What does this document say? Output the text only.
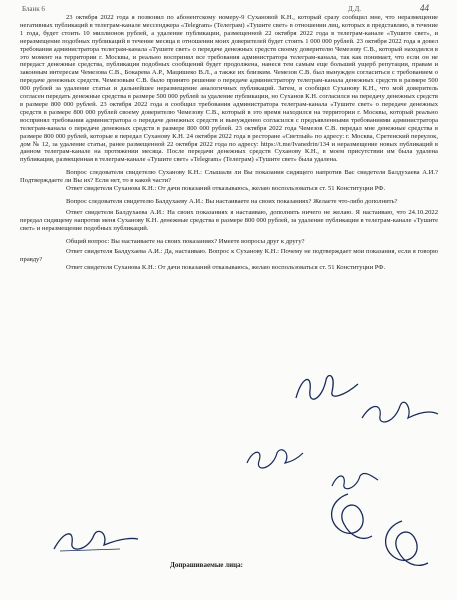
Бланк 6	Д.Д.	44

23 октября 2022 года я позвонил по абонентскому номеру-9 Сухановой К.Н., который сразу сообщил мне, что неразмещение негативных публикаций в телеграм-канале мессенджера «Telegram» (Телеграм) «Тушите свет» в отношении лиц, которых я представляю, в течение 1 года, будет стоить 10 миллионов рублей, а удаление публикации, размещенной 22 октября 2022 года в телеграм-канале «Тушите свет», и неразмещение подобных публикаций в течение месяца в отношении моих доверителей будет стоить 1 000 000 рублей. 23 октября 2022 года я довел требования администратора телеграм-канала «Тушите свет» о передаче денежных средств своему доверителю Чемезову С.В., который находился в это момент на территории г. Москвы, и реально воспринял все требования администратора телеграм-канала, так как понимает, что если он не передаст денежные средства, публикация подобных сообщений будет продолжена, нанеся тем самым еще больший ущерб репутации, правам и законным интересам Чемезова С.В., Бокарева А.Р., Мацишеко В.Л., а также их близким. Чемезов С.В. был вынужден согласиться с требованием о передаче денежных средств. Чемезовым С.В. было принято решение о передаче администратору телеграм-канала денежных средств в размере 500 000 рублей за удаление статьи и дальнейшее неразмещение аналогичных публикаций. Затем, я сообщил Суханову К.Н., что мой доверитель согласен передать денежные средства в размере 500 000 рублей за удаление публикации, но Суханов К.Н. согласился на передачу денежных средств в размере 800 000 рублей. 23 октября 2022 года я сообщил требования администратора телеграм-канала «Тушите свет» о передаче денежных средств в размере 800 000 рублей своему доверителю Чемезову С.В., который в это время находился на территории г. Москвы, который реально воспринял требования администратора о передаче денежных средств и вынужденно согласился с предъявленными требованиями администратора телеграм-канала о передаче денежных средств в размере 800 000 рублей. 23 октября 2022 года Чемезов С.В. передал мне денежные средства в размере 800 000 рублей, которые я передал Суханову К.Н. 24 октября 2022 года в ресторане «Светлый» по адресу: г. Москва, Сретенский переулок, дом № 12, за удаление статьи, ранее размещенной 22 октября 2022 года по адресу: https://t.me/Ivanedrin/134 и неразмещение новых публикаций в данном телеграм-канале на протяжении месяца. После передачи денежных средств Суханову К.Н., в моем присутствии им была удалена публикация, размещенная в телеграм-канале «Тушите свет» «Telegram» (Телеграм) «Тушите свет» была удалена.

Вопрос следователя свидетелю Суханову К.Н.: Слышали ли Вы показания сидящего напротив Вас свидетеля Балдухаева А.И.? Подтверждаете ли Вы их? Если нет, то в какой части?

Ответ свидетеля Суханова К.Н.: От дачи показаний отказываюсь, желаю воспользоваться ст. 51 Конституции РФ.

Вопрос следователя свидетелю Балдухаеву А.И.: Вы настаиваете на своих показаниях? Желаете что-либо дополнить?

Ответ свидетеля Балдухаева А.И.: На своих показаниях я настаиваю, дополнить ничего не желаю. Я настаиваю, что 24.10.2022 передал сидящему напротив меня Суханову К.Н. денежные средства в размере 800 000 рублей, за удаление публикации в телеграм-канале «Тушите свет» и неразмещение подобных публикаций.

Общий вопрос: Вы настаиваете на своих показаниях? Имеете вопросы друг к другу?

Ответ свидетеля Балдухаева А.И.: Да, настаиваю. Вопрос к Суханову К.Н.: Почему не подтверждает мои показания, если я говорю правду?

Ответ свидетеля Суханова К.Н.: От дачи показаний отказываюсь, желаю воспользоваться ст. 51 Конституции РФ.

Допрашиваемые лица:
